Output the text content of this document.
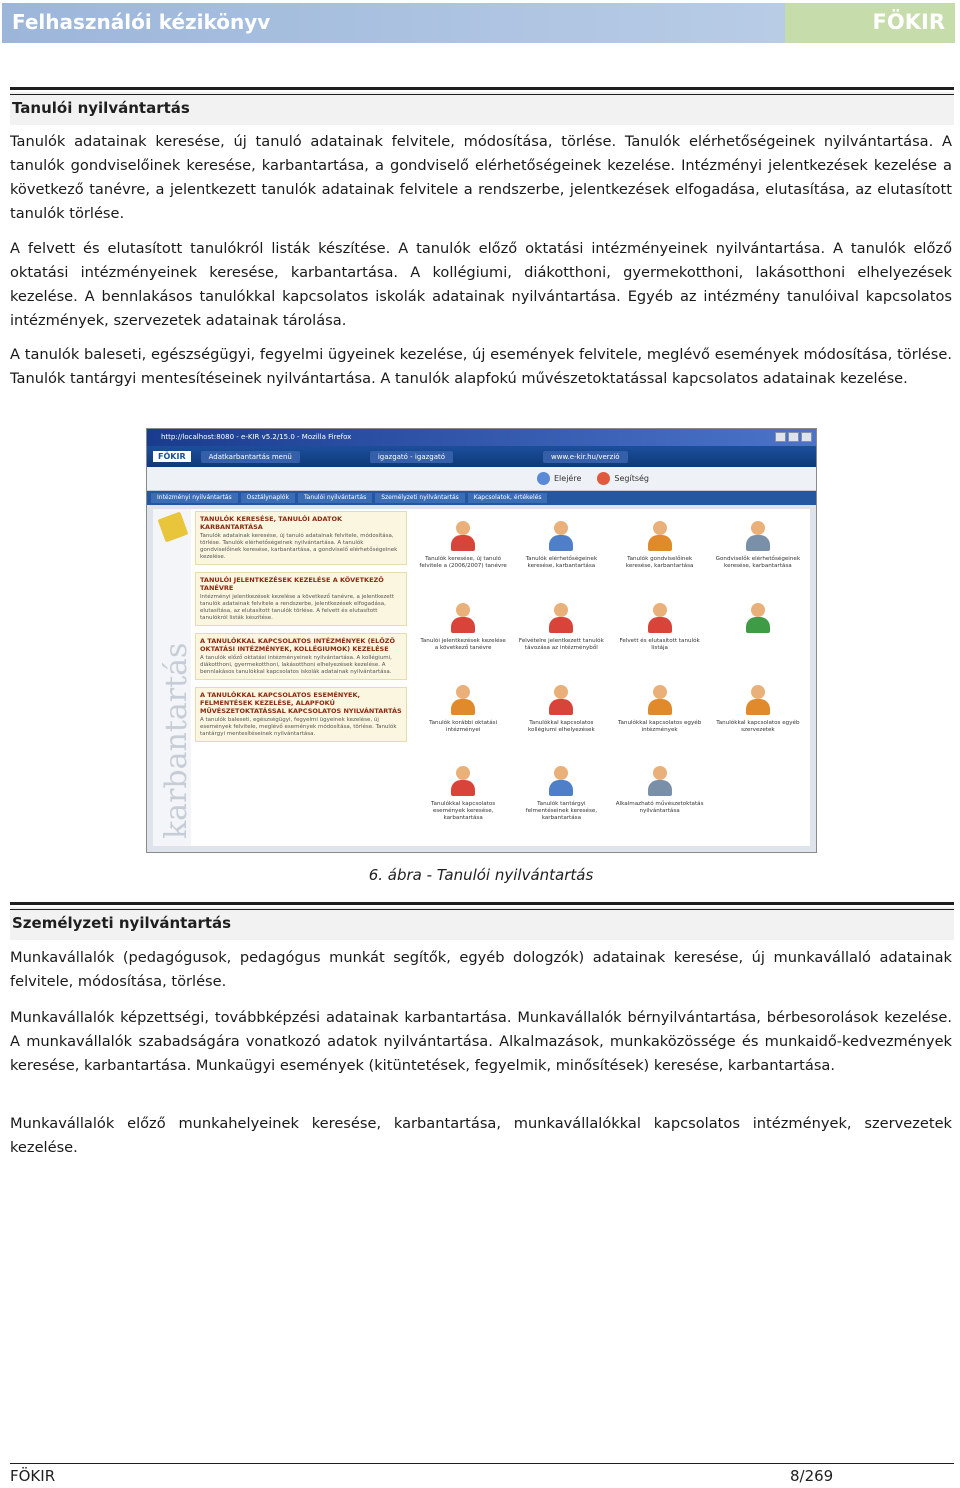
Felhasználói kézikönyv	FÖKIR
Tanulói nyilvántartás

Tanulók adatainak keresése, új tanuló adatainak felvitele, módosítása, törlése. Tanulók elérhetőségeinek nyilvántartása. A tanulók gondviselőinek keresése, karbantartása, a gondviselő elérhetőségeinek kezelése. Intézményi jelentkezések kezelése a következő tanévre, a jelentkezett tanulók adatainak felvitele a rendszerbe, jelentkezések elfogadása, elutasítása, az elutasított tanulók törlése.

A felvett és elutasított tanulókról listák készítése. A tanulók előző oktatási intézményeinek nyilvántartása. A tanulók előző oktatási intézményeinek keresése, karbantartása. A kollégiumi, diákotthoni, gyermekotthoni, lakásotthoni elhelyezések kezelése. A bennlakásos tanulókkal kapcsolatos iskolák adatainak nyilvántartása. Egyéb az intézmény tanulóival kapcsolatos intézmények, szervezetek adatainak tárolása.

A tanulók baleseti, egészségügyi, fegyelmi ügyeinek kezelése, új események felvitele, meglévő események módosítása, törlése. Tanulók tantárgyi mentesítéseinek nyilvántartása. A tanulók alapfokú művészetoktatással kapcsolatos adatainak kezelése.

http://localhost:8080 - e-KIR v5.2/15.0 - Mozilla Firefox
FÖKIR	Adatkarbantartás menü	igazgató - igazgató	www.e-kir.hu/verzió
Elejére	Segítség
Intézményi nyilvántartás	Osztálynaplók	Tanulói nyilvántartás	Személyzeti nyilvántartás	Kapcsolatok, értékelés
karbantartás
TANULÓK KERESÉSE, TANULÓI ADATOK KARBANTARTÁSA
Tanulók adatainak keresése, új tanuló adatainak felvitele, módosítása, törlése. Tanulók elérhetőségeinek nyilvántartása. A tanulók gondviselőinek keresése, karbantartása, a gondviselő elérhetőségeinek kezelése.
TANULÓI JELENTKEZÉSEK KEZELÉSE A KÖVETKEZŐ TANÉVRE
Intézményi jelentkezések kezelése a következő tanévre, a jelentkezett tanulók adatainak felvitele a rendszerbe, jelentkezések elfogadása, elutasítása, az elutasított tanulók törlése. A felvett és elutasított tanulókról listák készítése.
A TANULÓKKAL KAPCSOLATOS INTÉZMÉNYEK (ELŐZŐ OKTATÁSI INTÉZMÉNYEK, KOLLÉGIUMOK) KEZELÉSE
A tanulók előző oktatási intézményeinek nyilvántartása. A kollégiumi, diákotthoni, gyermekotthoni, lakásotthoni elhelyezések kezelése. A bennlakásos tanulókkal kapcsolatos iskolák adatainak nyilvántartása.
A TANULÓKKAL KAPCSOLATOS ESEMÉNYEK, FELMENTÉSEK KEZELÉSE, ALAPFOKÚ MŰVÉSZETOKTATÁSSAL KAPCSOLATOS NYILVÁNTARTÁS
A tanulók baleseti, egészségügyi, fegyelmi ügyeinek kezelése, új események felvitele, meglévő események módosítása, törlése. Tanulók tantárgyi mentesítéseinek nyilvántartása.
Tanulók keresése, új tanuló felvitele a (2006/2007) tanévre
Tanulók elérhetőségeinek keresése, karbantartása
Tanulók gondviselőinek keresése, karbantartása
Gondviselők elérhetőségeinek keresése, karbantartása
Tanulói jelentkezések kezelése a következő tanévre
Felvételre jelentkezett tanulók távozása az intézményből
Felvett és elutasított tanulók listája
Tanulók korábbi oktatási intézményei
Tanulókkal kapcsolatos kollégiumi elhelyezések
Tanulókkal kapcsolatos egyéb intézmények
Tanulókkal kapcsolatos egyéb szervezetek
Tanulókkal kapcsolatos események keresése, karbantartása
Tanulók tantárgyi felmentéseinek keresése, karbantartása
Alkalmazható művészetoktatás nyilvántartása
6. ábra - Tanulói nyilvántartás
Személyzeti nyilvántartás

Munkavállalók (pedagógusok, pedagógus munkát segítők, egyéb dologzók) adatainak keresése, új munkavállaló adatainak felvitele, módosítása, törlése.

Munkavállalók képzettségi, továbbképzési adatainak karbantartása. Munkavállalók bérnyilvántartása, bérbesorolások kezelése. A munkavállalók szabadságára vonatkozó adatok nyilvántartása. Alkalmazások, munkaközössége és munkaidő-kedvezmények keresése, karbantartása. Munkaügyi események (kitüntetések, fegyelmik, minősítések) keresése, karbantartása.

Munkavállalók előző munkahelyeinek keresése, karbantartása, munkavállalókkal kapcsolatos intézmények, szervezetek kezelése.

FÖKIR	8/269
